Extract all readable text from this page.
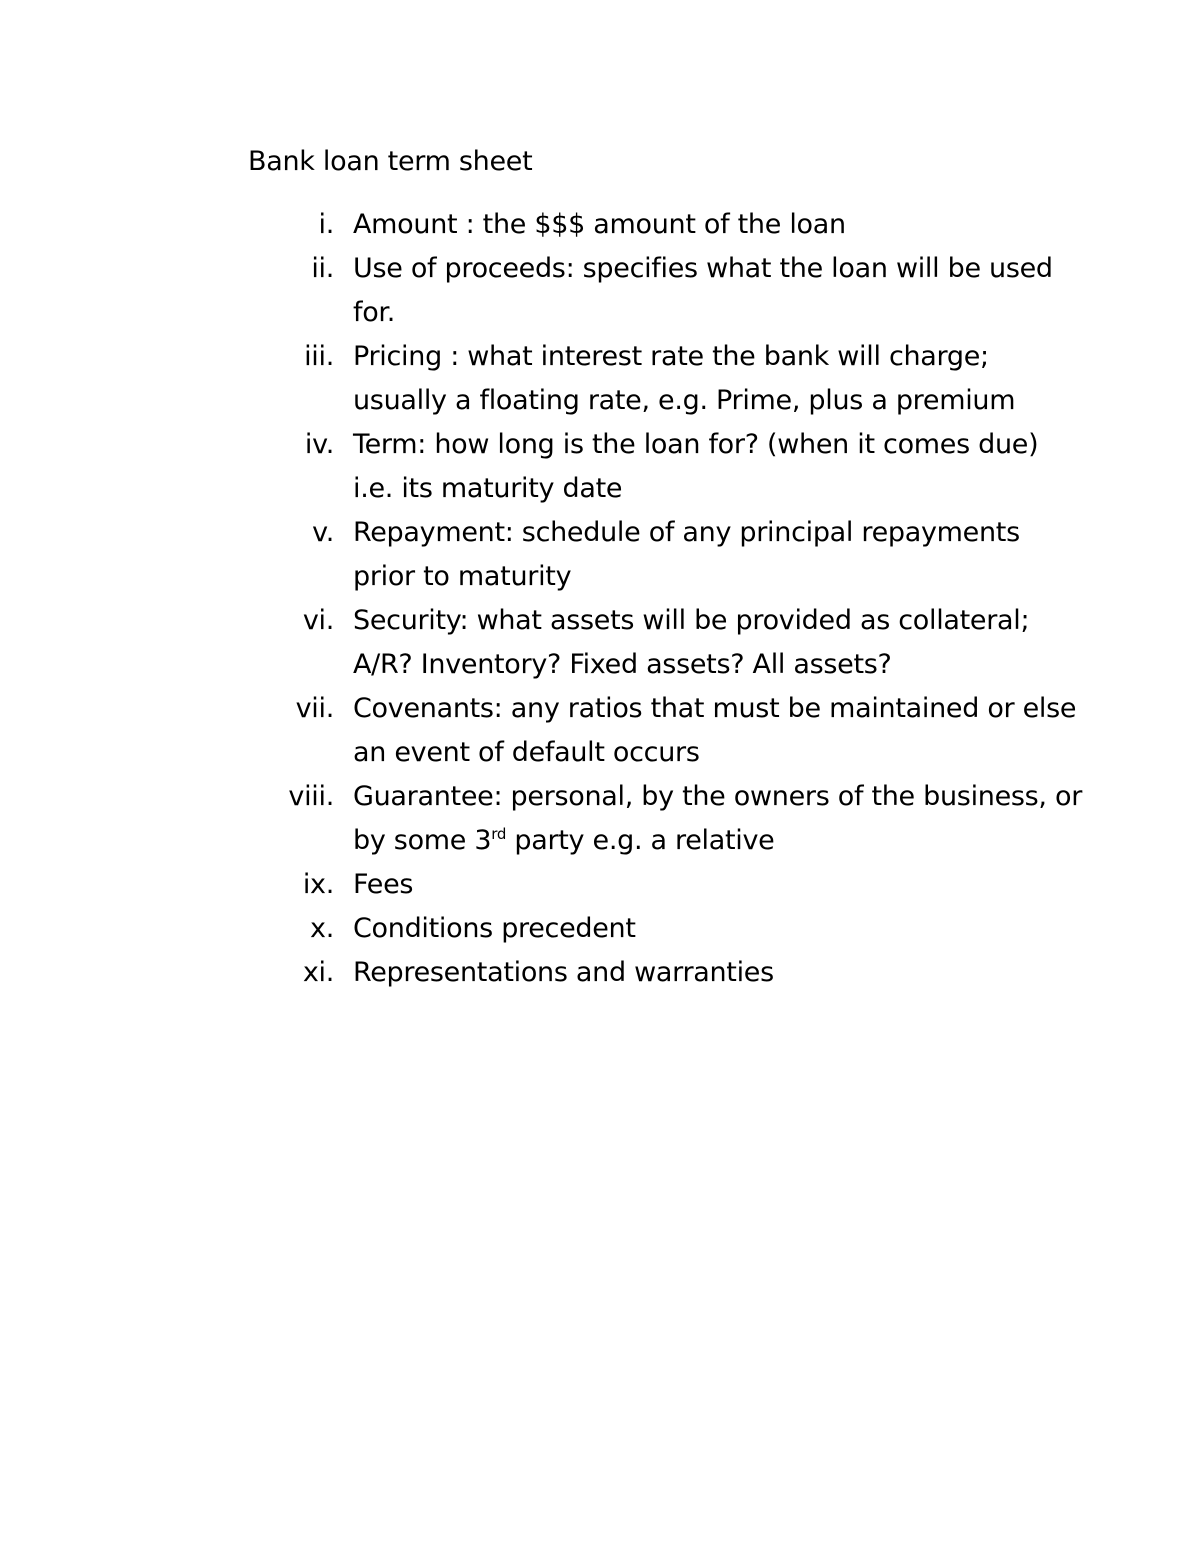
Bank loan term sheet
i. Amount : the $$$ amount of the loan
ii. Use of proceeds: specifies what the loan will be used
for.
iii. Pricing : what interest rate the bank will charge;
usually a floating rate, e.g. Prime, plus a premium
iv. Term: how long is the loan for? (when it comes due)
i.e. its maturity date
v. Repayment: schedule of any principal repayments
prior to maturity
vi. Security: what assets will be provided as collateral;
A/R? Inventory? Fixed assets? All assets?
vii. Covenants: any ratios that must be maintained or else
an event of default occurs
viii. Guarantee: personal, by the owners of the business, or
by some 3rd party e.g. a relative
ix. Fees
x. Conditions precedent
xi. Representations and warranties
